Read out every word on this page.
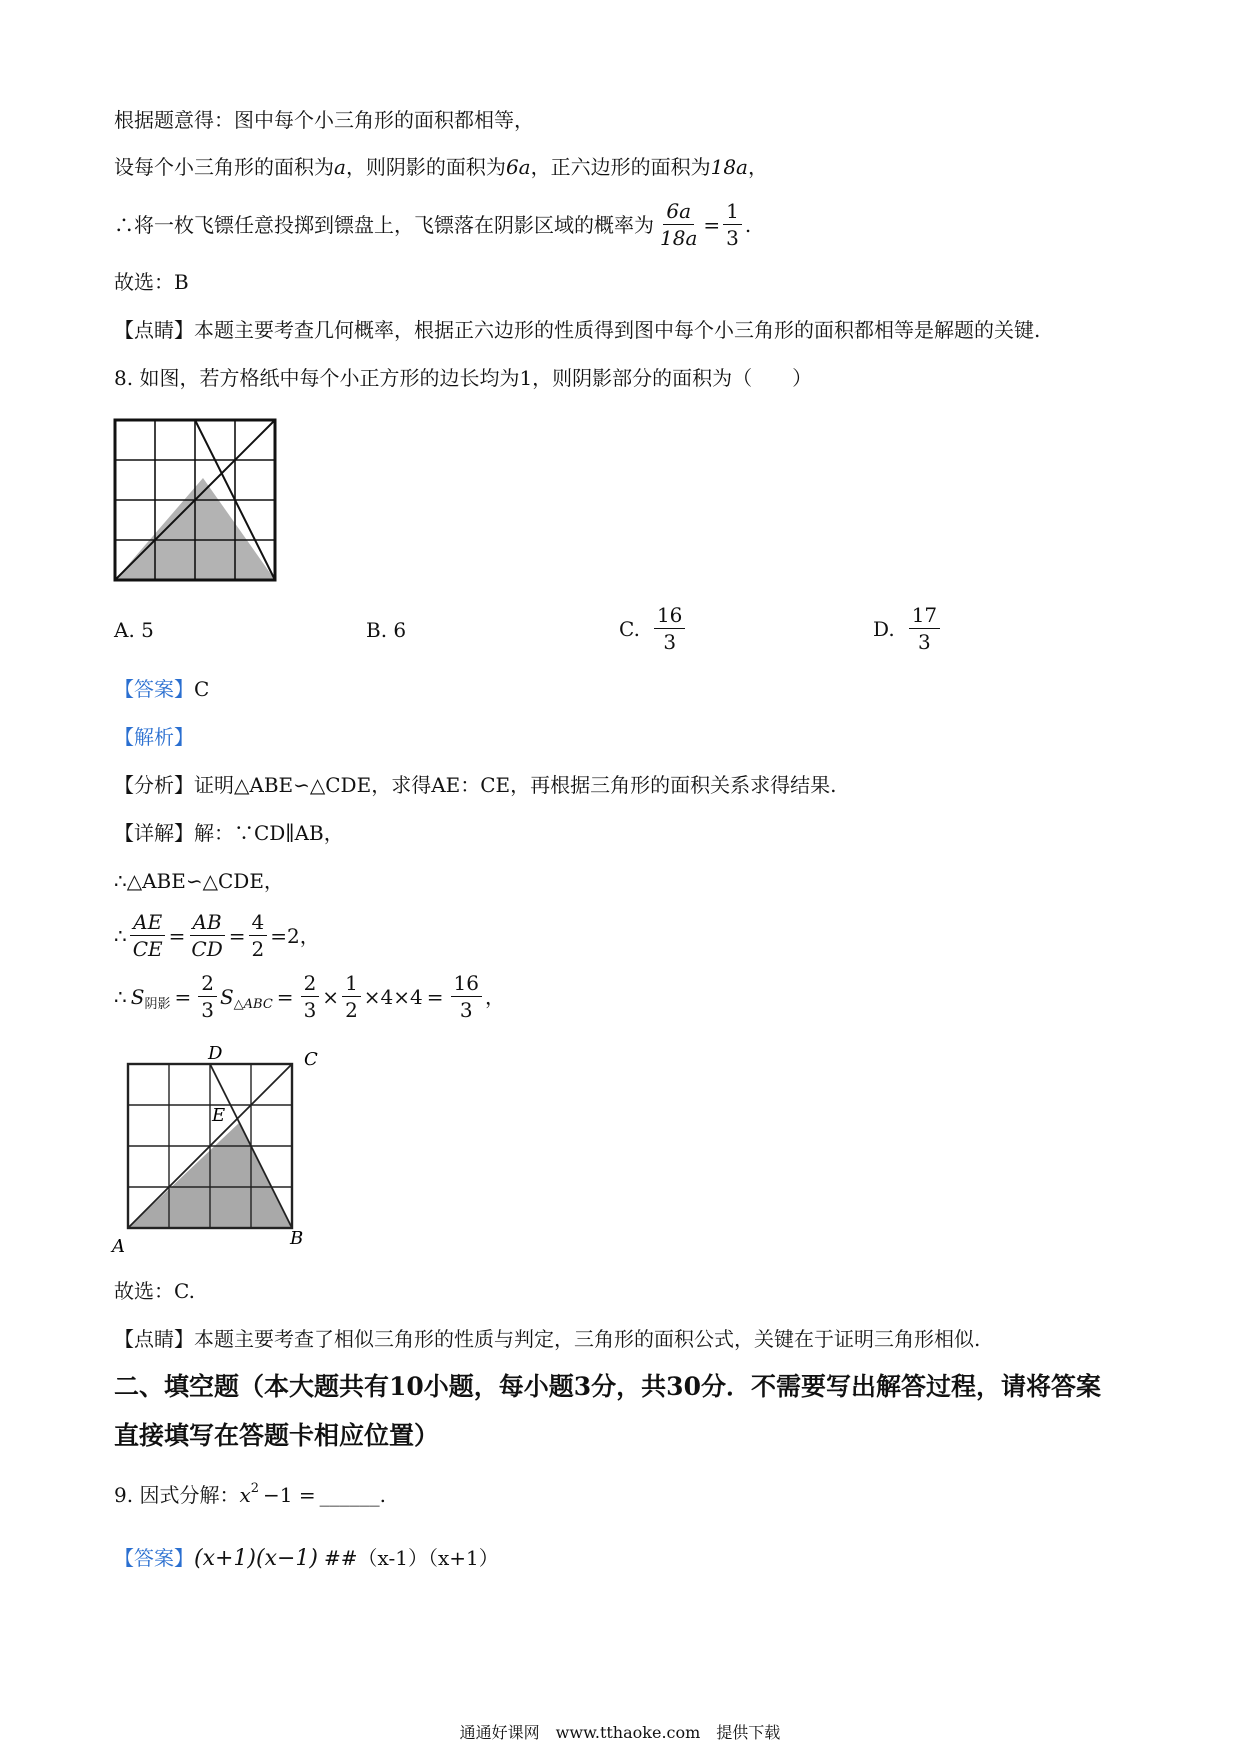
根据题意得：图中每个小三角形的面积都相等，
设每个小三角形的面积为a，则阴影的面积为6a，正六边形的面积为18a，
∴将一枚飞镖任意投掷到镖盘上，飞镖落在阴影区域的概率为 $\frac{6a}{18a} = \frac{1}{3}$ .
故选：B
【点睛】本题主要考查几何概率，根据正六边形的性质得到图中每个小三角形的面积都相等是解题的关键.
8. 如图，若方格纸中每个小正方形的边长均为1，则阴影部分的面积为（　　）
A. 5	B. 6	C. $\frac{16}{3}$	D. $\frac{17}{3}$
【答案】C
【解析】
【分析】证明△ABE∽△CDE，求得AE：CE，再根据三角形的面积关系求得结果.
【详解】解：∵CD∥AB，
∴△ABE∽△CDE，
∴ $\frac{AE}{CE} = \frac{AB}{CD} = \frac{4}{2} =2$，
∴ S 阴影 = $\frac{2}{3}$ S △ABC = $\frac{2}{3} \times \frac{1}{2} \times 4\times 4 = \frac{16}{3}$ ，
D	C
E
A	B
故选：C.
【点睛】本题主要考查了相似三角形的性质与判定，三角形的面积公式，关键在于证明三角形相似.
二、填空题（本大题共有10小题，每小题3分，共30分．不需要写出解答过程，请将答案
直接填写在答题卡相应位置）
9. 因式分解：$x^2 -1$ = ______.
【答案】(x+1)(x−1) ##（x-1）（x+1）
通通好课网　www.tthaoke.com　提供下载
